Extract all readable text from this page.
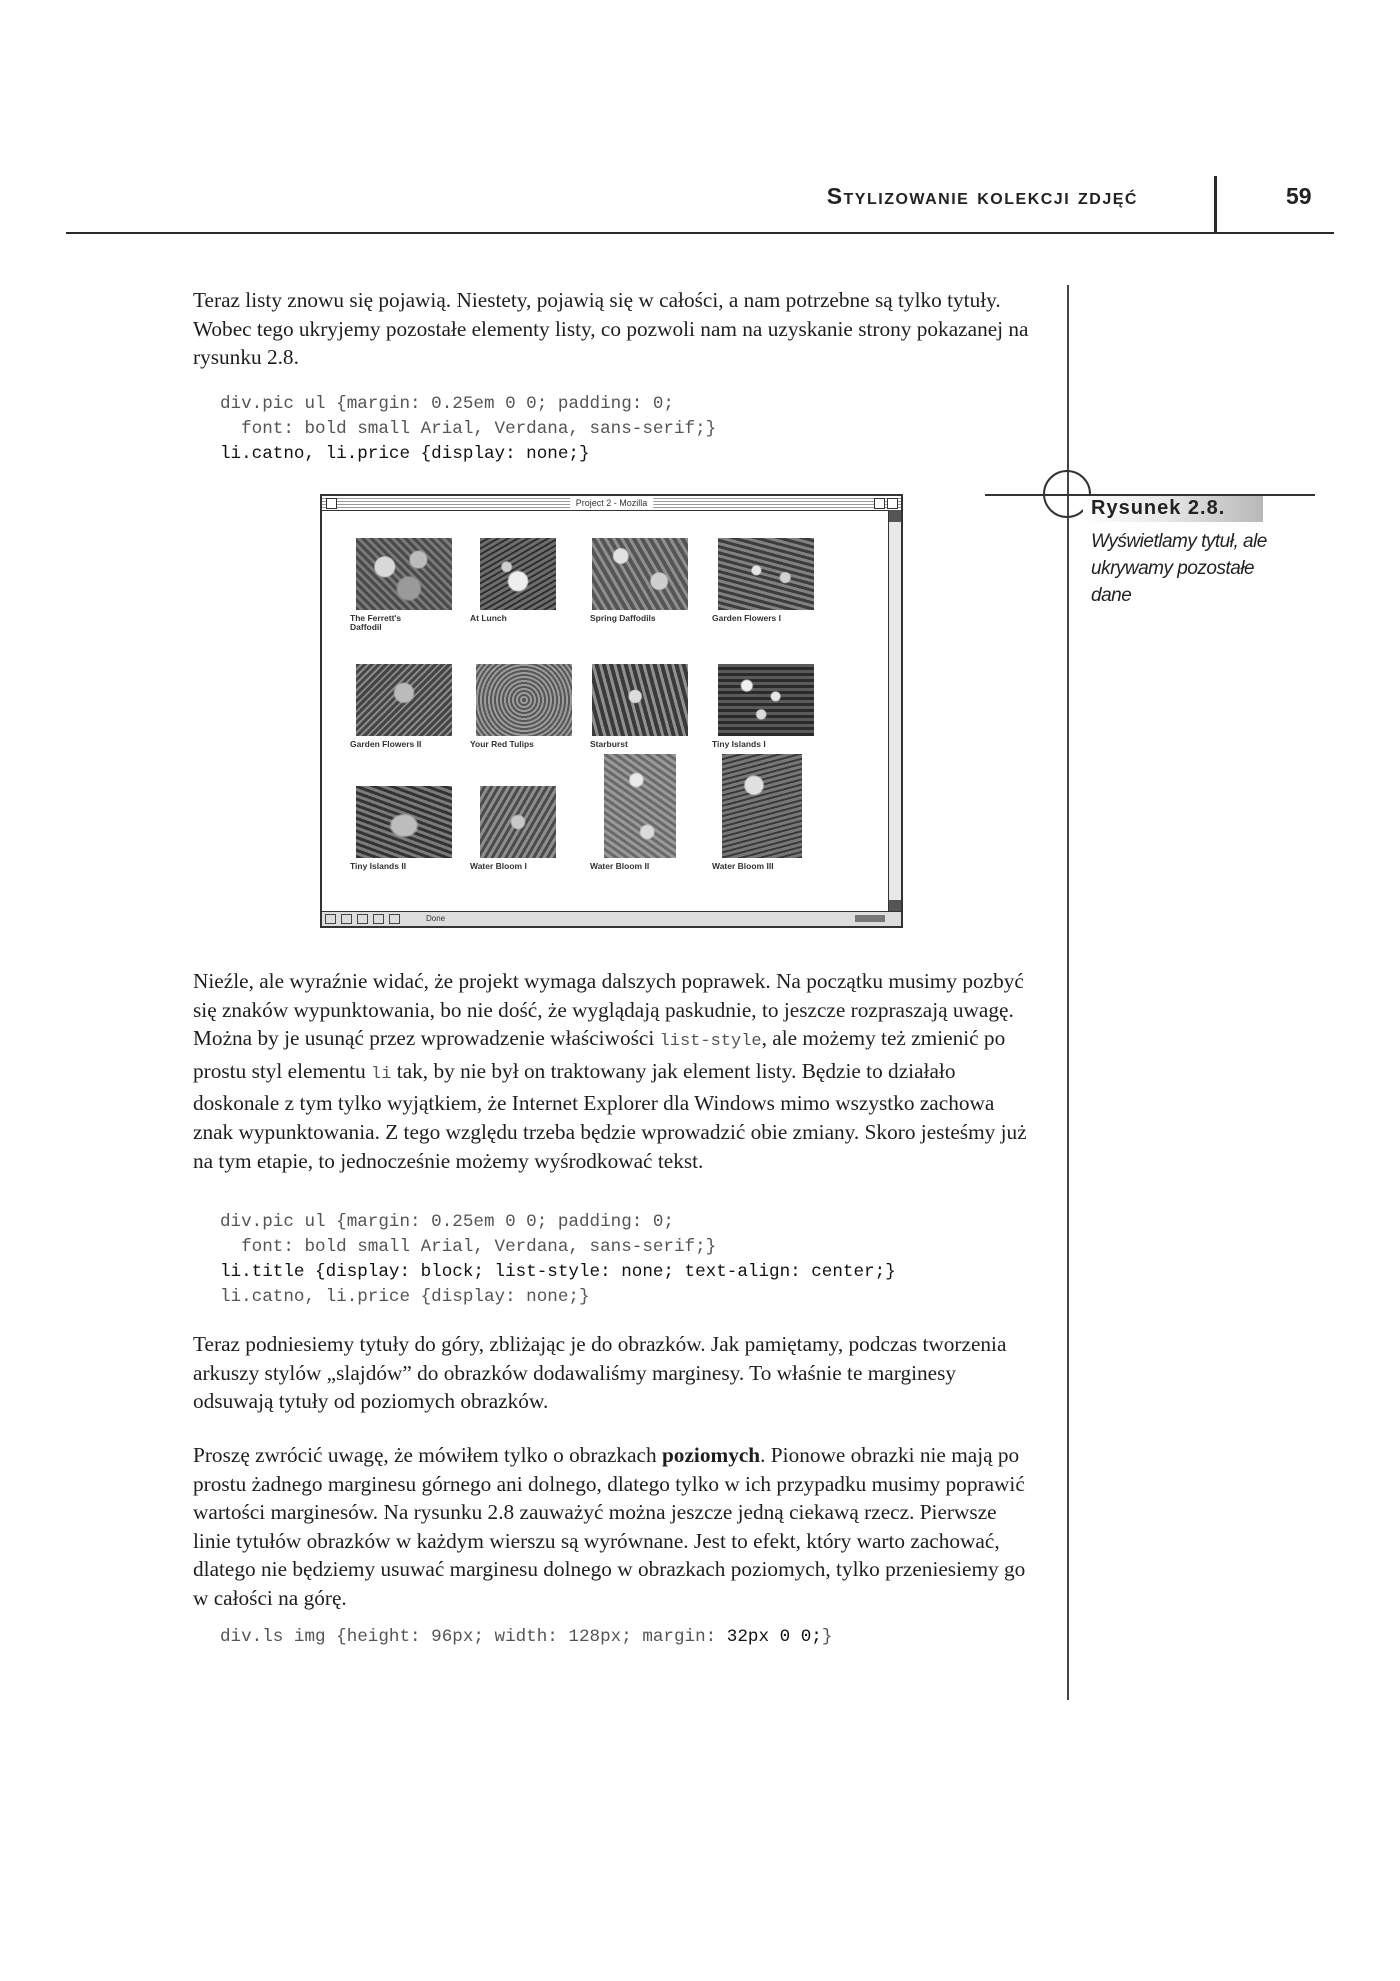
Stylizowanie kolekcji zdjęć	59

Teraz listy znowu się pojawią. Niestety, pojawią się w całości, a nam potrzebne są tylko tytuły. Wobec tego ukryjemy pozostałe elementy listy, co pozwoli nam na uzyskanie strony pokazanej na rysunku 2.8.

div.pic ul {margin: 0.25em 0 0; padding: 0;
font: bold small Arial, Verdana, sans-serif;}
li.catno, li.price {display: none;}
Rysunek 2.8.
Wyświetlamy tytuł, ale ukrywamy pozostałe dane
Project 2 - Mozilla
The Ferrett's Daffodil
At Lunch	Spring Daffodils	Garden Flowers I
Garden Flowers II	Your Red Tulips	Starburst	Tiny Islands I
Tiny Islands II	Water Bloom I	Water Bloom II	Water Bloom III
Done

Nieźle, ale wyraźnie widać, że projekt wymaga dalszych poprawek. Na początku musimy pozbyć się znaków wypunktowania, bo nie dość, że wyglądają paskudnie, to jeszcze rozpraszają uwagę. Można by je usunąć przez wprowadzenie właściwości list-style, ale możemy też zmienić po prostu styl elementu li tak, by nie był on traktowany jak element listy. Będzie to działało doskonale z tym tylko wyjątkiem, że Internet Explorer dla Windows mimo wszystko zachowa znak wypunktowania. Z tego względu trzeba będzie wprowadzić obie zmiany. Skoro jesteśmy już na tym etapie, to jednocześnie możemy wyśrodkować tekst.

div.pic ul {margin: 0.25em 0 0; padding: 0;
font: bold small Arial, Verdana, sans-serif;}
li.title {display: block; list-style: none; text-align: center;}
li.catno, li.price {display: none;}

Teraz podniesiemy tytuły do góry, zbliżając je do obrazków. Jak pamiętamy, podczas tworzenia arkuszy stylów „slajdów” do obrazków dodawaliśmy marginesy. To właśnie te marginesy odsuwają tytuły od poziomych obrazków.

Proszę zwrócić uwagę, że mówiłem tylko o obrazkach poziomych. Pionowe obrazki nie mają po prostu żadnego marginesu górnego ani dolnego, dlatego tylko w ich przypadku musimy poprawić wartości marginesów. Na rysunku 2.8 zauważyć można jeszcze jedną ciekawą rzecz. Pierwsze linie tytułów obrazków w każdym wierszu są wyrównane. Jest to efekt, który warto zachować, dlatego nie będziemy usuwać marginesu dolnego w obrazkach poziomych, tylko przeniesiemy go w całości na górę.

div.ls img {height: 96px; width: 128px; margin: 32px 0 0;}
